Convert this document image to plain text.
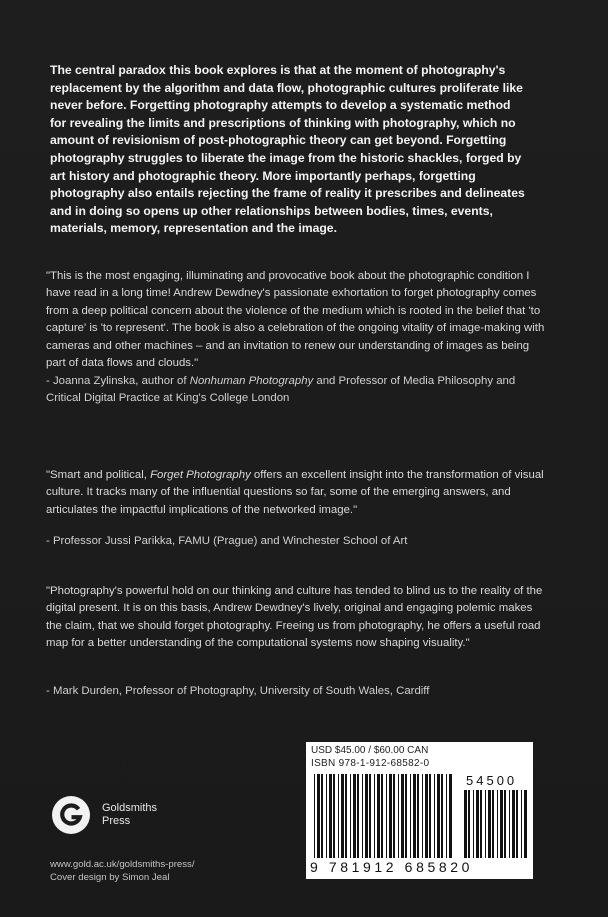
The central paradox this book explores is that at the moment of photography's replacement by the algorithm and data flow, photographic cultures proliferate like never before. Forgetting photography attempts to develop a systematic method for revealing the limits and prescriptions of thinking with photography, which no amount of revisionism of post-photographic theory can get beyond. Forgetting photography struggles to liberate the image from the historic shackles, forged by art history and photographic theory. More importantly perhaps, forgetting photography also entails rejecting the frame of reality it prescribes and delineates and in doing so opens up other relationships between bodies, times, events, materials, memory, representation and the image.

"This is the most engaging, illuminating and provocative book about the photographic condition I have read in a long time! Andrew Dewdney's passionate exhortation to forget photography comes from a deep political concern about the violence of the medium which is rooted in the belief that 'to capture' is 'to represent'. The book is also a celebration of the ongoing vitality of image-making with cameras and other machines – and an invitation to renew our understanding of images as being part of data flows and clouds."

- Joanna Zylinska, author of Nonhuman Photography and Professor of Media Philosophy and Critical Digital Practice at King's College London

"Smart and political, Forget Photography offers an excellent insight into the transformation of visual culture. It tracks many of the influential questions so far, some of the emerging answers, and articulates the impactful implications of the networked image."

- Professor Jussi Parikka, FAMU (Prague) and Winchester School of Art

"Photography's powerful hold on our thinking and culture has tended to blind us to the reality of the digital present. It is on this basis, Andrew Dewdney's lively, original and engaging polemic makes the claim, that we should forget photography. Freeing us from photography, he offers a useful road map for a better understanding of the computational systems now shaping visuality."

- Mark Durden, Professor of Photography, University of South Wales, Cardiff

Goldsmiths
Press
www.gold.ac.uk/goldsmiths-press/
Cover design by Simon Jeal
USD $45.00 / $60.00 CAN
ISBN 978-1-912-68582-0
54500
9 781912 685820
